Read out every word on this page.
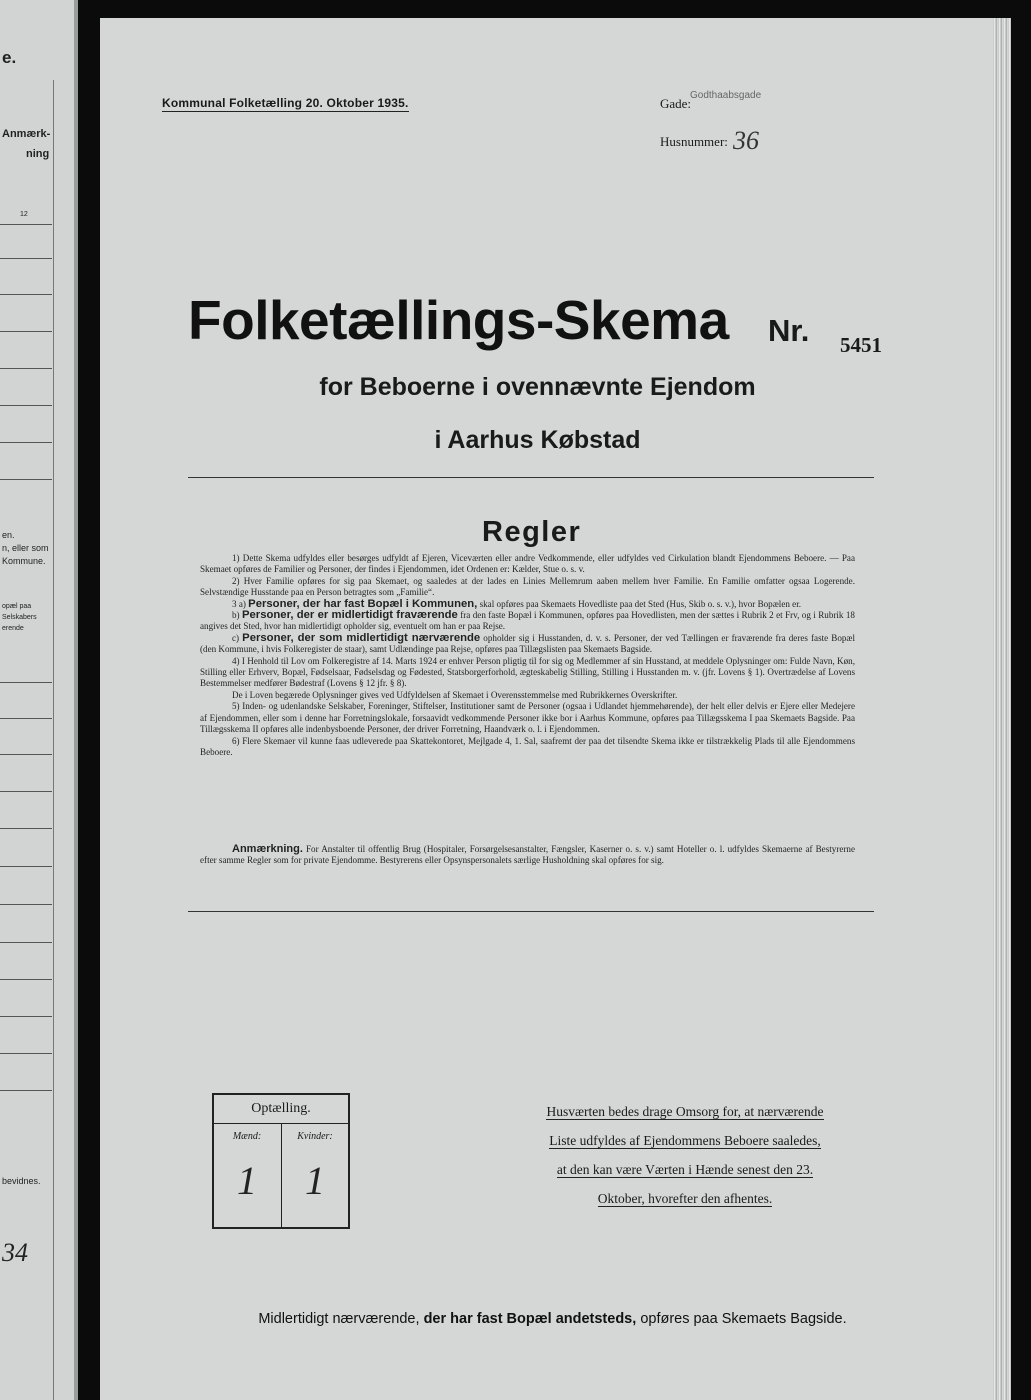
e.
Anmærk-
ning
12
en.
n, eller som
Kommune.
opæl paa
Selskabers
erende
bevidnes.
34
Kommunal Folketælling 20. Oktober 1935.	Gade:
Godthaabsgade
Husnummer: 36
Folketællings-Skema Nr. 5451
for Beboerne i ovennævnte Ejendom
i Aarhus Købstad
Regler

1) Dette Skema udfyldes eller besørges udfyldt af Ejeren, Viceværten eller andre Vedkommende, eller udfyldes ved Cirkulation blandt Ejendommens Beboere. — Paa Skemaet opføres de Familier og Personer, der findes i Ejendommen, idet Ordenen er: Kælder, Stue o. s. v.

2) Hver Familie opføres for sig paa Skemaet, og saaledes at der lades en Linies Mellemrum aaben mellem hver Familie. En Familie omfatter ogsaa Logerende. Selvstændige Husstande paa en Person betragtes som „Familie“.

3 a) Personer, der har fast Bopæl i Kommunen, skal opføres paa Skemaets Hovedliste paa det Sted (Hus, Skib o. s. v.), hvor Bopælen er.

b) Personer, der er midlertidigt fraværende fra den faste Bopæl i Kommunen, opføres paa Hovedlisten, men der sættes i Rubrik 2 et Frv, og i Rubrik 18 angives det Sted, hvor han midlertidigt opholder sig, eventuelt om han er paa Rejse.

c) Personer, der som midlertidigt nærværende opholder sig i Husstanden, d. v. s. Personer, der ved Tællingen er fraværende fra deres faste Bopæl (den Kommune, i hvis Folkeregister de staar), samt Udlændinge paa Rejse, opføres paa Tillægslisten paa Skemaets Bagside.

4) I Henhold til Lov om Folkeregistre af 14. Marts 1924 er enhver Person pligtig til for sig og Medlemmer af sin Husstand, at meddele Oplysninger om: Fulde Navn, Køn, Stilling eller Erhverv, Bopæl, Fødselsaar, Fødselsdag og Fødested, Statsborgerforhold, ægteskabelig Stilling, Stilling i Husstanden m. v. (jfr. Lovens § 1). Overtrædelse af Lovens Bestemmelser medfører Bødestraf (Lovens § 12 jfr. § 8).

De i Loven begærede Oplysninger gives ved Udfyldelsen af Skemaet i Overensstemmelse med Rubrikkernes Overskrifter.

5) Inden- og udenlandske Selskaber, Foreninger, Stiftelser, Institutioner samt de Personer (ogsaa i Udlandet hjemmehørende), der helt eller delvis er Ejere eller Medejere af Ejendommen, eller som i denne har Forretningslokale, forsaavidt vedkommende Personer ikke bor i Aarhus Kommune, opføres paa Tillægsskema I paa Skemaets Bagside. Paa Tillægsskema II opføres alle indenbysboende Personer, der driver Forretning, Haandværk o. l. i Ejendommen.

6) Flere Skemaer vil kunne faas udleverede paa Skattekontoret, Mejlgade 4, 1. Sal, saafremt der paa det tilsendte Skema ikke er tilstrækkelig Plads til alle Ejendommens Beboere.

Anmærkning. For Anstalter til offentlig Brug (Hospitaler, Forsørgelsesanstalter, Fængsler, Kaserner o. s. v.) samt Hoteller o. l. udfyldes Skemaerne af Bestyrerne efter samme Regler som for private Ejendomme. Bestyrerens eller Opsynspersonalets særlige Husholdning skal opføres for sig.

Optælling.
Mænd:	Kvinder:
1	1
Husværten bedes drage Omsorg for, at nærværende
Liste udfyldes af Ejendommens Beboere saaledes,
at den kan være Værten i Hænde senest den 23.
Oktober, hvorefter den afhentes.
Midlertidigt nærværende, der har fast Bopæl andetsteds, opføres paa Skemaets Bagside.
